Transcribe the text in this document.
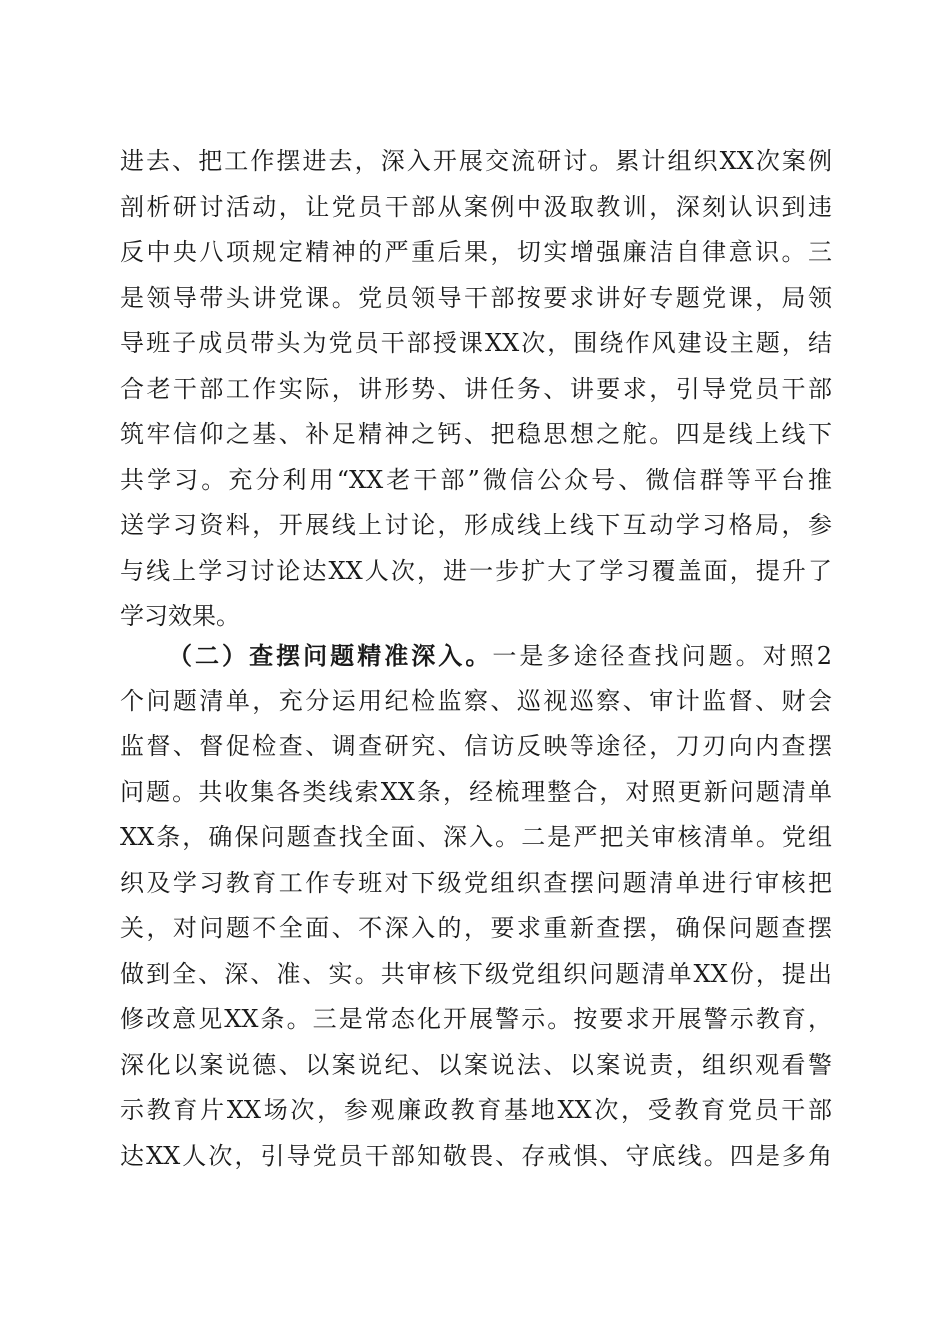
进去、把工作摆进去，深入开展交流研讨。累计组织XX次案例
剖析研讨活动，让党员干部从案例中汲取教训，深刻认识到违
反中央八项规定精神的严重后果，切实增强廉洁自律意识。三
是领导带头讲党课。党员领导干部按要求讲好专题党课，局领
导班子成员带头为党员干部授课XX次，围绕作风建设主题，结
合老干部工作实际，讲形势、讲任务、讲要求，引导党员干部
筑牢信仰之基、补足精神之钙、把稳思想之舵。四是线上线下
共学习。充分利用“XX老干部”微信公众号、微信群等平台推
送学习资料，开展线上讨论，形成线上线下互动学习格局，参
与线上学习讨论达XX人次，进一步扩大了学习覆盖面，提升了
学习效果。
（二）查摆问题精准深入。一是多途径查找问题。对照2
个问题清单，充分运用纪检监察、巡视巡察、审计监督、财会
监督、督促检查、调查研究、信访反映等途径，刀刃向内查摆
问题。共收集各类线索XX条，经梳理整合，对照更新问题清单
XX条，确保问题查找全面、深入。二是严把关审核清单。党组
织及学习教育工作专班对下级党组织查摆问题清单进行审核把
关，对问题不全面、不深入的，要求重新查摆，确保问题查摆
做到全、深、准、实。共审核下级党组织问题清单XX份，提出
修改意见XX条。三是常态化开展警示。按要求开展警示教育，
深化以案说德、以案说纪、以案说法、以案说责，组织观看警
示教育片XX场次，参观廉政教育基地XX次，受教育党员干部
达XX人次，引导党员干部知敬畏、存戒惧、守底线。四是多角
